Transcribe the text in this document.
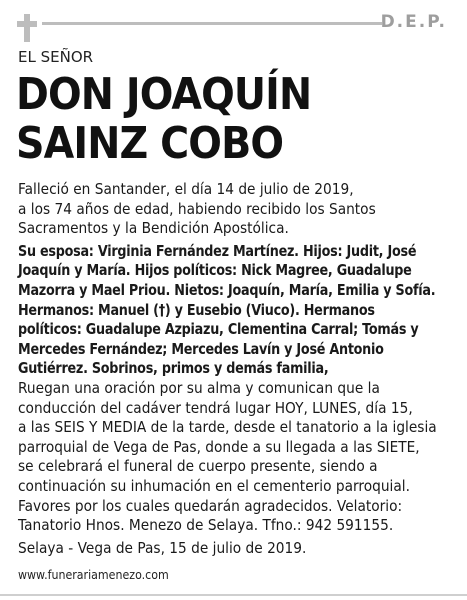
D.E.P.
EL SEÑOR
DON JOAQUÍN
SAINZ COBO
Falleció en Santander, el día 14 de julio de 2019,
a los 74 años de edad, habiendo recibido los Santos
Sacramentos y la Bendición Apostólica.
Su esposa: Virginia Fernández Martínez. Hijos: Judit, José
Joaquín y María. Hijos políticos: Nick Magree, Guadalupe
Mazorra y Mael Priou. Nietos: Joaquín, María, Emilia y Sofía.
Hermanos: Manuel (†) y Eusebio (Viuco). Hermanos
políticos: Guadalupe Azpiazu, Clementina Carral; Tomás y
Mercedes Fernández; Mercedes Lavín y José Antonio
Gutiérrez. Sobrinos, primos y demás familia,
Ruegan una oración por su alma y comunican que la
conducción del cadáver tendrá lugar HOY, LUNES, día 15,
a las SEIS Y MEDIA de la tarde, desde el tanatorio a la iglesia
parroquial de Vega de Pas, donde a su llegada a las SIETE,
se celebrará el funeral de cuerpo presente, siendo a
continuación su inhumación en el cementerio parroquial.
Favores por los cuales quedarán agradecidos. Velatorio:
Tanatorio Hnos. Menezo de Selaya. Tfno.: 942 591155.
Selaya - Vega de Pas, 15 de julio de 2019.
www.funerariamenezo.com
